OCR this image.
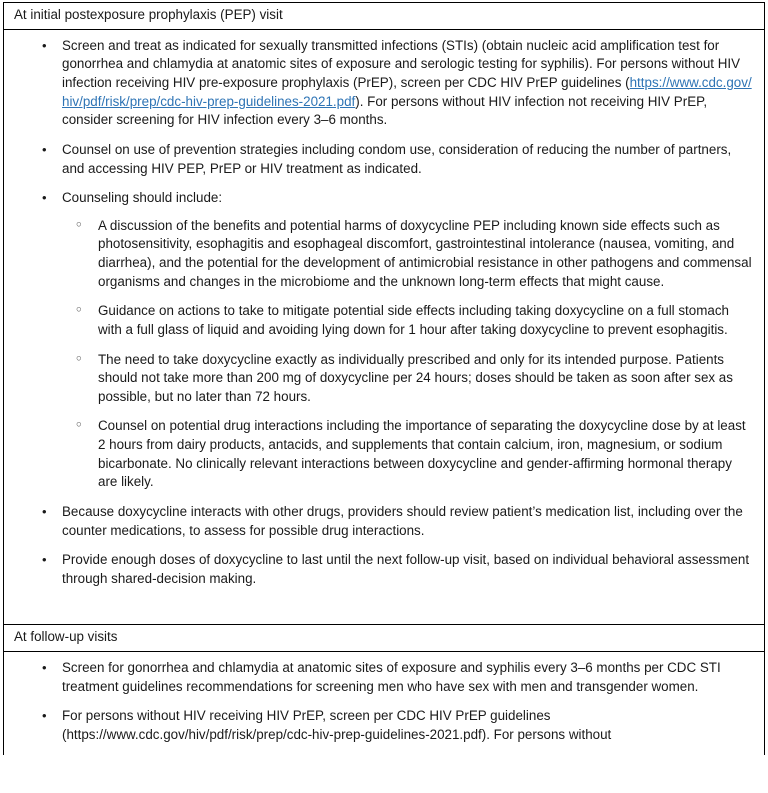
At initial postexposure prophylaxis (PEP) visit
• Screen and treat as indicated for sexually transmitted infections (STIs) (obtain nucleic acid amplification test for gonorrhea and chlamydia at anatomic sites of exposure and serologic testing for syphilis). For persons without HIV infection receiving HIV pre-exposure prophylaxis (PrEP), screen per CDC HIV PrEP guidelines (https://www.cdc.gov/hiv/pdf/risk/prep/cdc-hiv-prep-guidelines-2021.pdf). For persons without HIV infection not receiving HIV PrEP, consider screening for HIV infection every 3–6 months.
• Counsel on use of prevention strategies including condom use, consideration of reducing the number of partners, and accessing HIV PEP, PrEP or HIV treatment as indicated.
• Counseling should include:
○ A discussion of the benefits and potential harms of doxycycline PEP including known side effects such as photosensitivity, esophagitis and esophageal discomfort, gastrointestinal intolerance (nausea, vomiting, and diarrhea), and the potential for the development of antimicrobial resistance in other pathogens and commensal organisms and changes in the microbiome and the unknown long-term effects that might cause.
○ Guidance on actions to take to mitigate potential side effects including taking doxycycline on a full stomach with a full glass of liquid and avoiding lying down for 1 hour after taking doxycycline to prevent esophagitis.
○ The need to take doxycycline exactly as individually prescribed and only for its intended purpose. Patients should not take more than 200 mg of doxycycline per 24 hours; doses should be taken as soon after sex as possible, but no later than 72 hours.
○ Counsel on potential drug interactions including the importance of separating the doxycycline dose by at least 2 hours from dairy products, antacids, and supplements that contain calcium, iron, magnesium, or sodium bicarbonate. No clinically relevant interactions between doxycycline and gender-affirming hormonal therapy are likely.
• Because doxycycline interacts with other drugs, providers should review patient’s medication list, including over the counter medications, to assess for possible drug interactions.
• Provide enough doses of doxycycline to last until the next follow-up visit, based on individual behavioral assessment through shared-decision making.
At follow-up visits
• Screen for gonorrhea and chlamydia at anatomic sites of exposure and syphilis every 3–6 months per CDC STI treatment guidelines recommendations for screening men who have sex with men and transgender women.
• For persons without HIV receiving HIV PrEP, screen per CDC HIV PrEP guidelines (https://www.cdc.gov/hiv/pdf/risk/prep/cdc-hiv-prep-guidelines-2021.pdf). For persons without
